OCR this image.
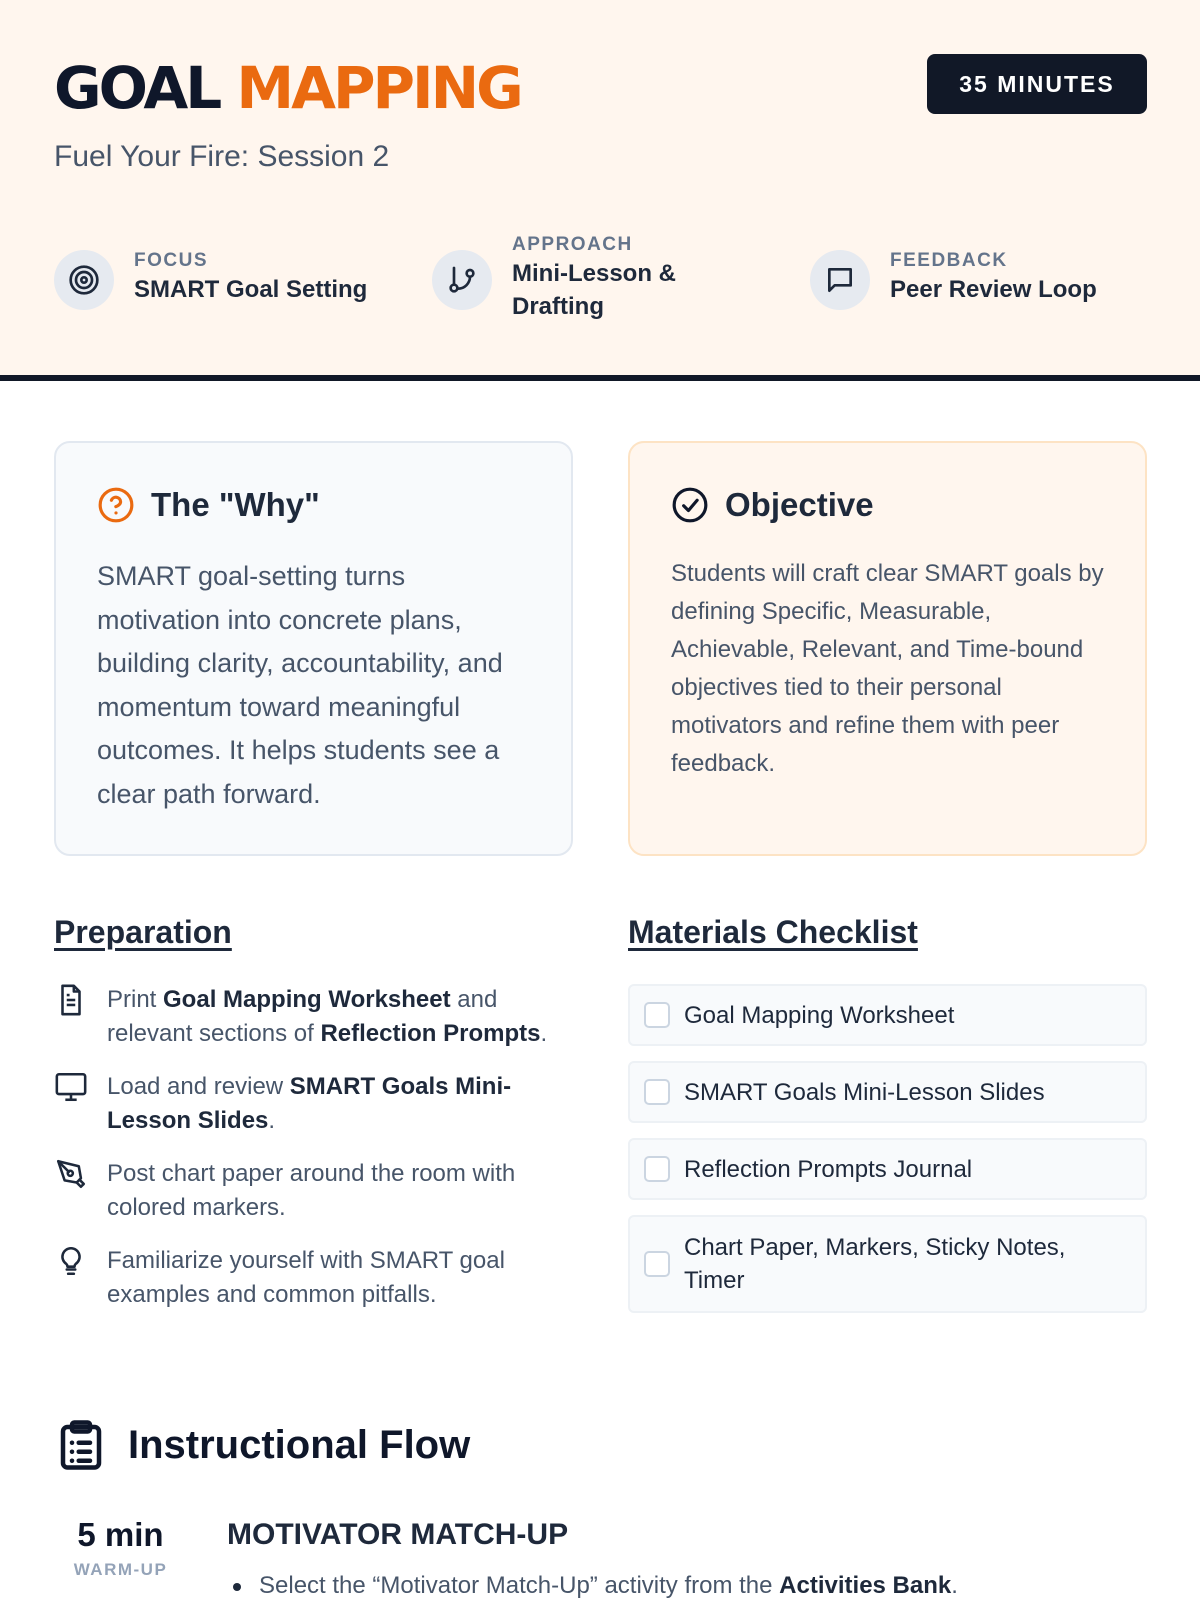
GOAL MAPPING
Fuel Your Fire: Session 2
35 MINUTES
FOCUS
SMART Goal Setting
APPROACH
Mini-Lesson &
Drafting
FEEDBACK
Peer Review Loop
The "Why"

SMART goal-setting turns motivation into concrete plans, building clarity, accountability, and momentum toward meaningful outcomes. It helps students see a clear path forward.

Objective

Students will craft clear SMART goals by defining Specific, Measurable, Achievable, Relevant, and Time-bound objectives tied to their personal motivators and refine them with peer feedback.

Preparation
Print Goal Mapping Worksheet and relevant sections of Reflection Prompts.
Load and review SMART Goals Mini-Lesson Slides.
Post chart paper around the room with colored markers.
Familiarize yourself with SMART goal examples and common pitfalls.
Materials Checklist
Goal Mapping Worksheet
SMART Goals Mini-Lesson Slides
Reflection Prompts Journal
Chart Paper, Markers, Sticky Notes, Timer
Instructional Flow
5 min
WARM-UP
MOTIVATOR MATCH-UP
Select the “Motivator Match-Up” activity from the Activities Bank.
